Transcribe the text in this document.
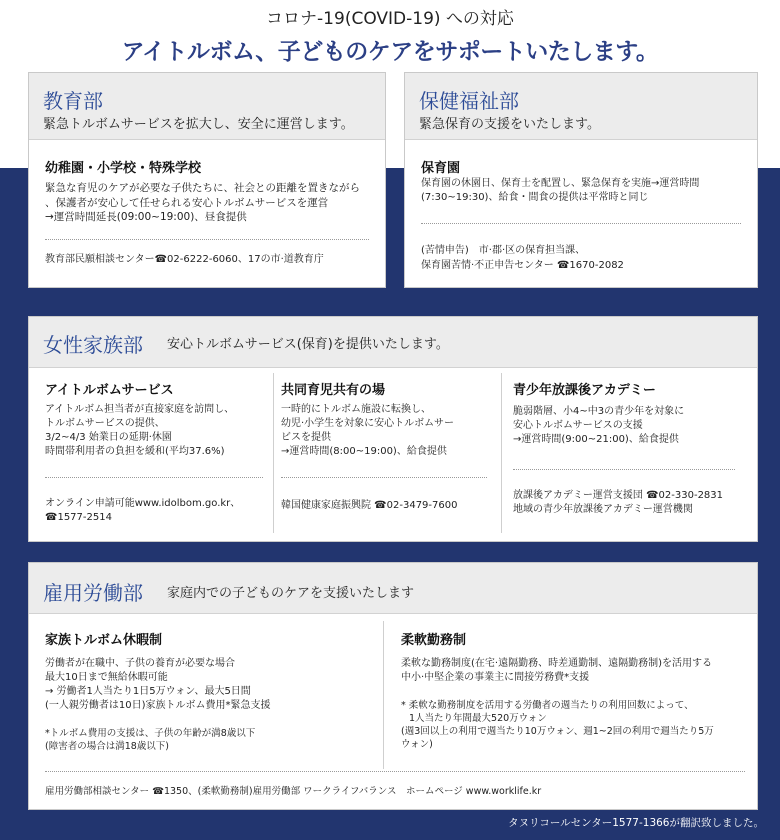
コロナ-19(COVID-19) への対応
アイトルボム、子どものケアをサポートいたします。
教育部
緊急トルボムサービスを拡大し、安全に運営します。
幼稚園・小学校・特殊学校
緊急な育児のケアが必要な子供たちに、社会との距離を置きながら
、保護者が安心して任せられる安心トルボムサービスを運営
→運営時間延長(09:00~19:00)、昼食提供
教育部民願相談センター☎02-6222-6060、17の市·道教育庁
保健福祉部
緊急保育の支援をいたします。
保育園
保育園の休園日、保育士を配置し、緊急保育を実施→運営時間
(7:30~19:30)、給食・間食の提供は平常時と同じ
(苦情申告)　市·郡·区の保育担当課、
保育園苦情·不正申告センター ☎1670-2082
女性家族部 安心トルボムサービス(保育)を提供いたします。
アイトルボムサービス
アイトルボム担当者が直接家庭を訪問し、
トルボムサービスの提供、
3/2~4/3 始業日の延期·休園
時間帯利用者の負担を緩和(平均37.6%)
オンライン申請可能www.idolbom.go.kr、
☎1577-2514
共同育児共有の場
一時的にトルボム施設に転換し、
幼児·小学生を対象に安心トルボムサー
ビスを提供
→運営時間(8:00~19:00)、給食提供
韓国健康家庭振興院 ☎02-3479-7600
青少年放課後アカデミー
脆弱階層、小4~中3の青少年を対象に
安心トルボムサービスの支援
→運営時間(9:00~21:00)、給食提供
放課後アカデミー運営支援団 ☎02-330-2831
地域の青少年放課後アカデミー運営機関
雇用労働部 家庭内での子どものケアを支援いたします
家族トルボム休暇制
労働者が在職中、子供の養育が必要な場合
最大10日まで無給休暇可能
→ 労働者1人当たり1日5万ウォン、最大5日間
(一人親労働者は10日)家族トルボム費用*緊急支援
*トルボム費用の支援は、子供の年齢が満8歳以下
(障害者の場合は満18歳以下)
柔軟勤務制
柔軟な勤務制度(在宅·遠隔勤務、時差通勤制、遠隔勤務制)を活用する
中小·中堅企業の事業主に間接労務費*支援
* 柔軟な勤務制度を活用する労働者の週当たりの利用回数によって、
1人当たり年間最大520万ウォン
(週3回以上の利用で週当たり10万ウォン、週1~2回の利用で週当たり5万
ウォン)
雇用労働部相談センター ☎1350、(柔軟勤務制)雇用労働部 ワークライフバランス　ホームページ www.worklife.kr
タヌリコールセンター1577-1366が翻訳致しました。
